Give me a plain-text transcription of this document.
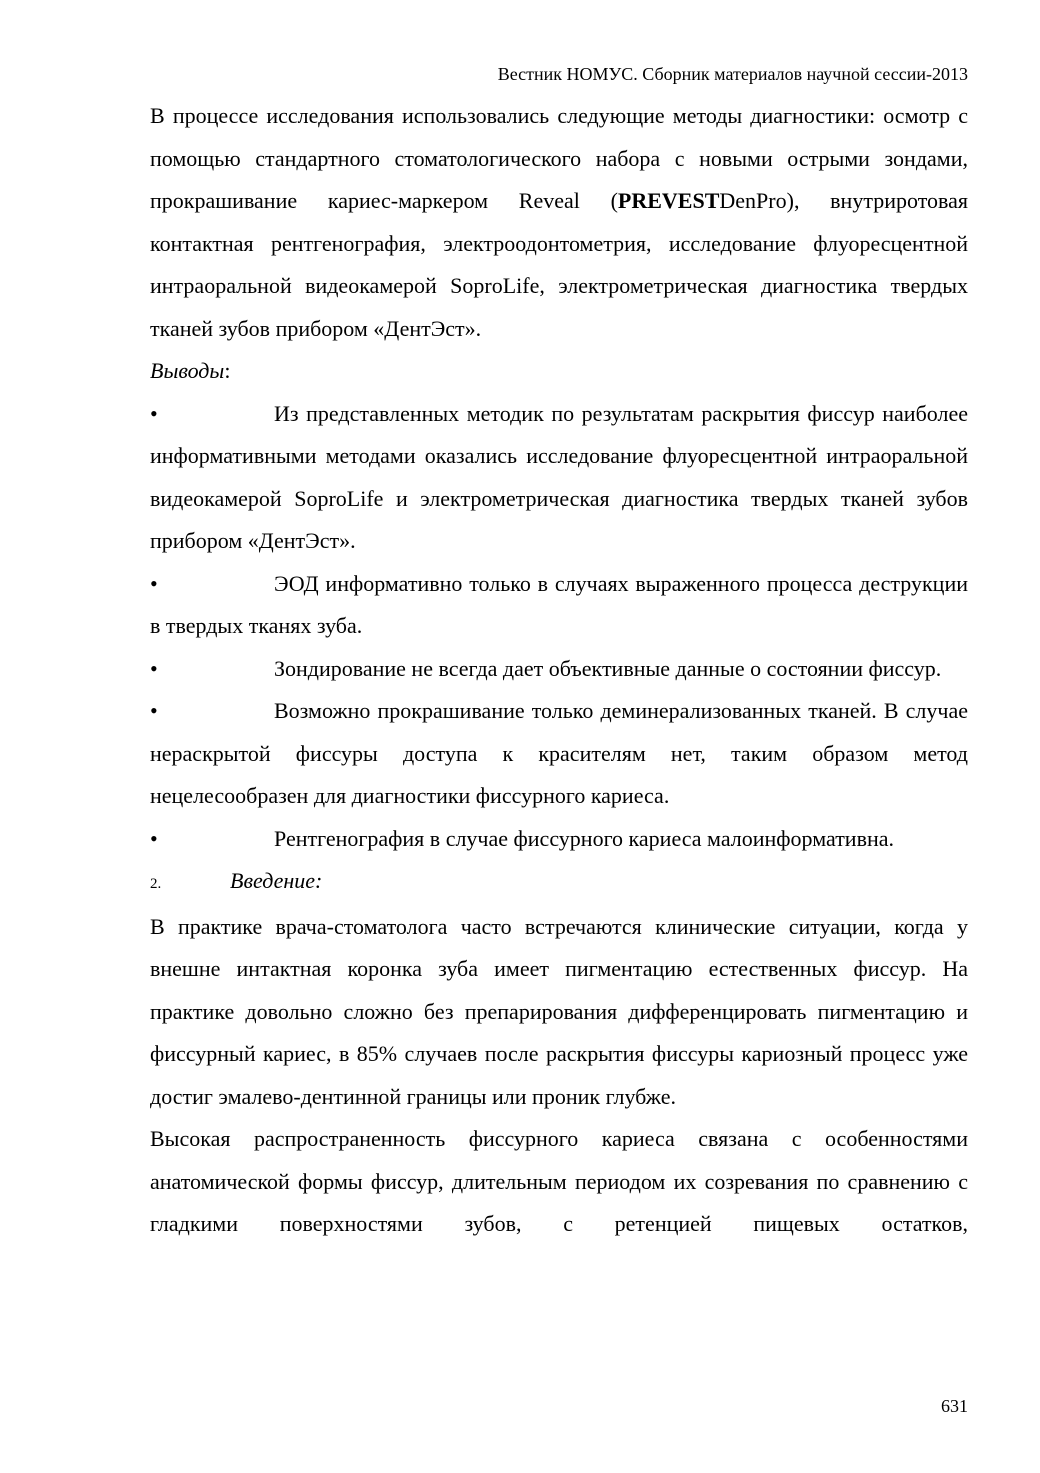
Вестник НОМУС. Сборник материалов научной сессии-2013

В процессе исследования использовались следующие методы диагностики: осмотр с помощью стандартного стоматологического набора с новыми острыми зондами, прокрашивание кариес-маркером Reveal (PREVESTDenPro), внутриротовая контактная рентгенография, электроодонтометрия, исследование флуоресцентной интраоральной видеокамерой SoproLife, электрометрическая диагностика твердых тканей зубов прибором «ДентЭст».

Выводы:

•	Из представленных методик по результатам раскрытия фиссур наиболее информативными методами оказались исследование флуоресцентной интраоральной видеокамерой SoproLife и электрометрическая диагностика твердых тканей зубов прибором «ДентЭст».

•	ЭОД информативно только в случаях выраженного процесса деструкции в твердых тканях зуба.

•	Зондирование не всегда дает объективные данные о состоянии фиссур.

•	Возможно прокрашивание только деминерализованных тканей. В случае нераскрытой фиссуры доступа к красителям нет, таким образом метод нецелесообразен для диагностики фиссурного кариеса.

•	Рентгенография в случае фиссурного кариеса малоинформативна.

2.	Введение:

В практике врача-стоматолога часто встречаются клинические ситуации, когда у внешне интактная коронка зуба имеет пигментацию естественных фиссур. На практике довольно сложно без препарирования дифференцировать пигментацию и фиссурный кариес, в 85% случаев после раскрытия фиссуры кариозный процесс уже достиг эмалево-дентинной границы или проник глубже.

Высокая распространенность фиссурного кариеса связана с особенностями анатомической формы фиссур, длительным периодом их созревания по сравнению с гладкими поверхностями зубов, с ретенцией пищевых остатков,

631
